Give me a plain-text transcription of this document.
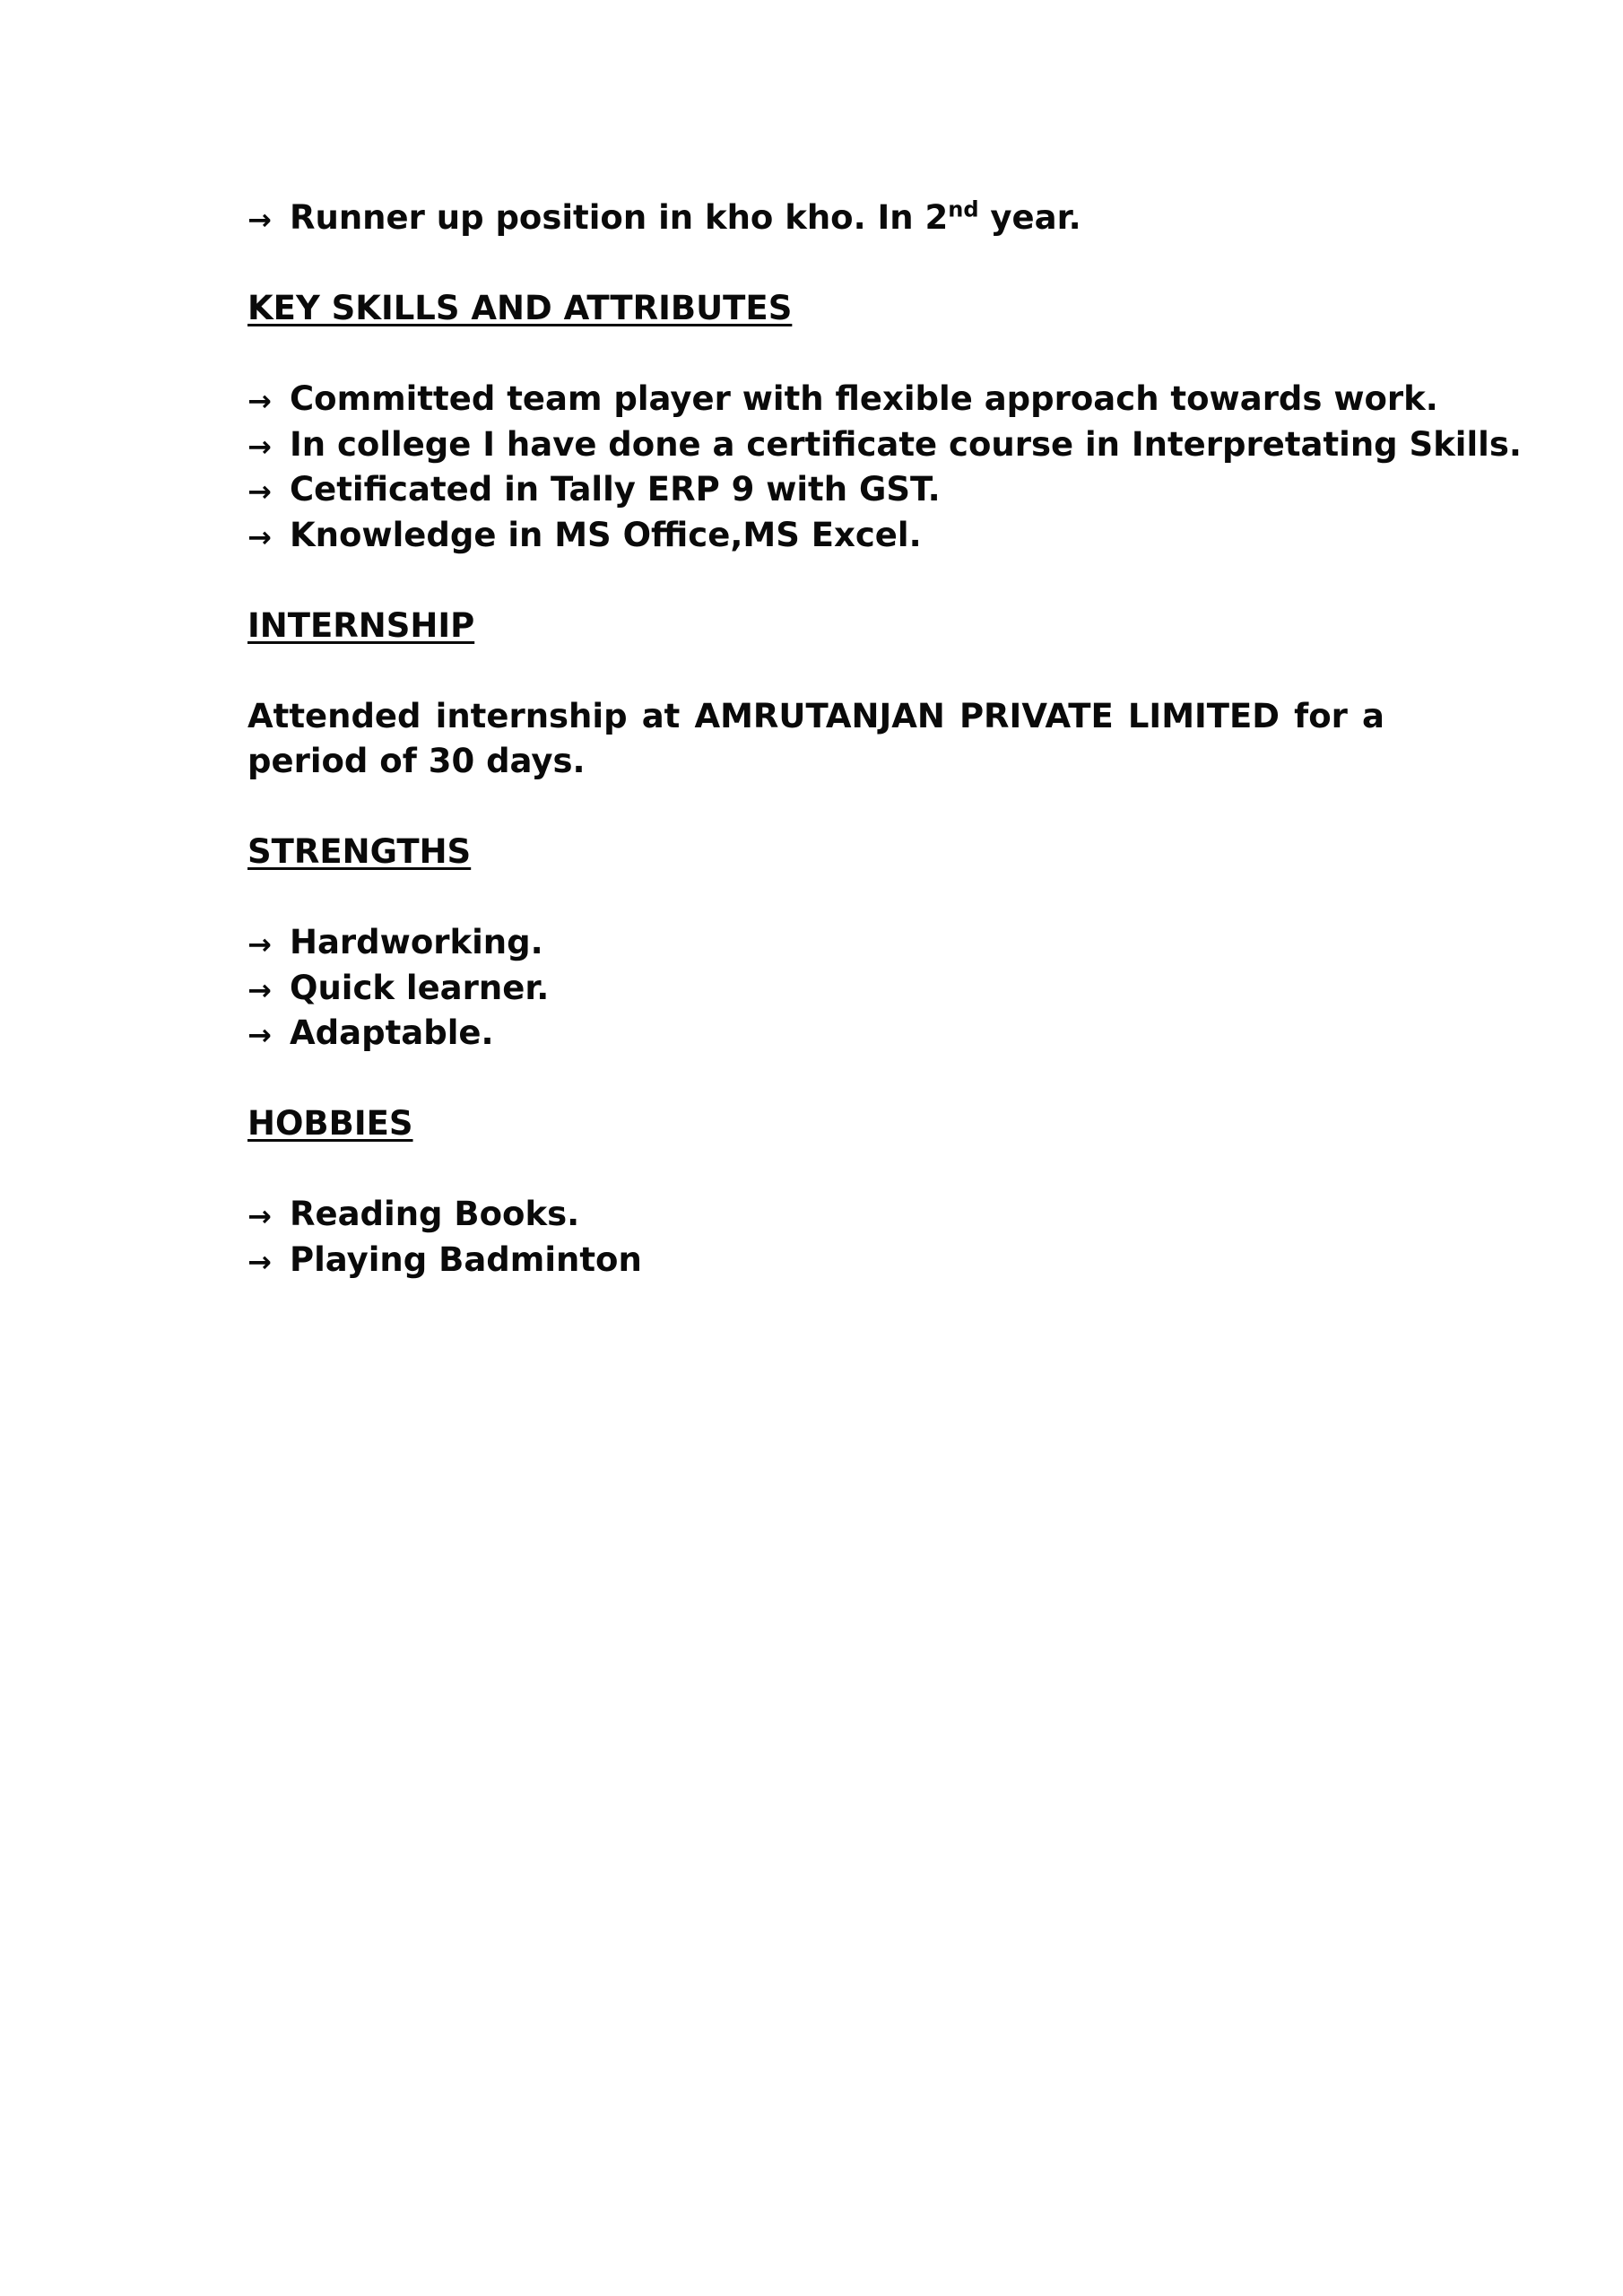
→ Runner up position in kho kho. In 2nd year.
KEY SKILLS AND ATTRIBUTES
→ Committed team player with flexible approach towards work.
→ In college I have done a certificate course in Interpretating Skills.
→ Cetificated in Tally ERP 9 with GST.
→ Knowledge in MS Office,MS Excel.
INTERNSHIP

Attended internship at AMRUTANJAN PRIVATE LIMITED for a period of 30 days.

STRENGTHS
→ Hardworking.
→ Quick learner.
→ Adaptable.
HOBBIES
→ Reading Books.
→ Playing Badminton
